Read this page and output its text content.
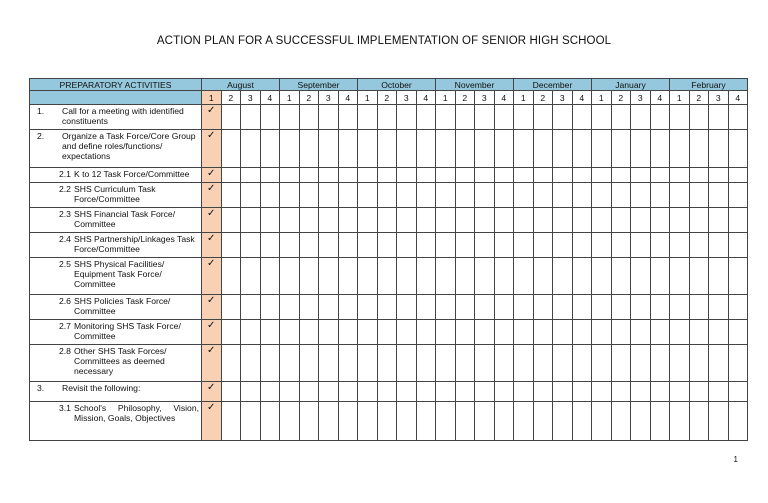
ACTION PLAN FOR A SUCCESSFUL IMPLEMENTATION OF SENIOR HIGH SCHOOL
PREPARATORY ACTIVITIES	August				September				October				November				December				January				February			
	1	2	3	4	1	2	3	4	1	2	3	4	1	2	3	4	1	2	3	4	1	2	3	4	1	2	3	4

1. Call for a meeting with identified constituents	✓																											

2. Organize a Task Force/Core Group and define roles/functions/ expectations	✓																											

2.1 K to 12 Task Force/Committee	✓																											

2.2 SHS Curriculum Task Force/Committee	✓																											

2.3 SHS Financial Task Force/ Committee	✓																											

2.4 SHS Partnership/Linkages Task Force/Committee	✓																											

2.5 SHS Physical Facilities/ Equipment Task Force/ Committee	✓																											

2.6 SHS Policies Task Force/ Committee	✓																											

2.7 Monitoring SHS Task Force/ Committee	✓																											

2.8 Other SHS Task Forces/ Committees as deemed necessary	✓																											

3. Revisit the following:	✓																											

3.1 School's Philosophy, Vision, Mission, Goals, Objectives	✓																											
1
